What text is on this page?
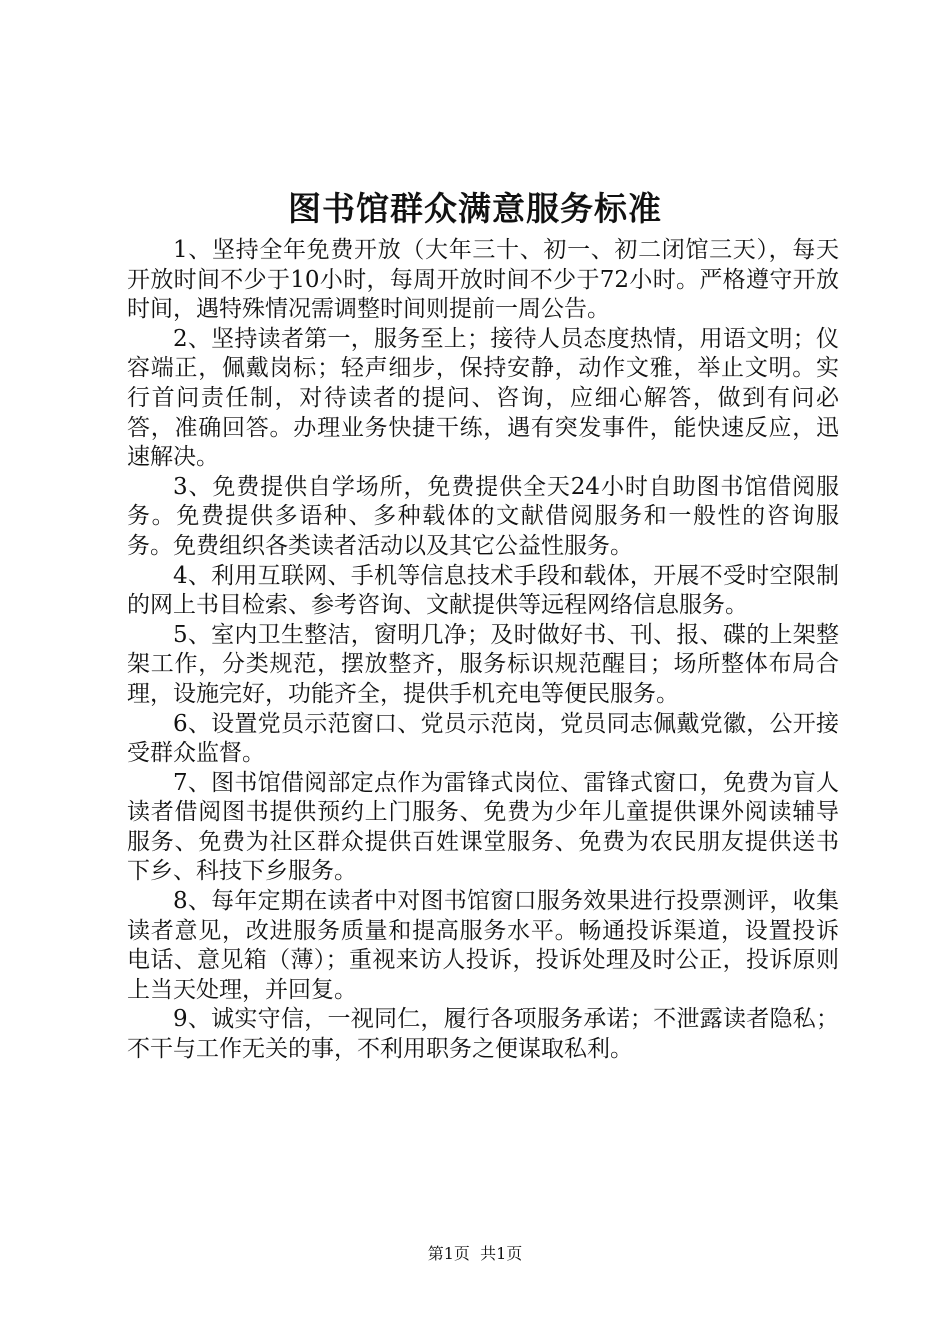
图书馆群众满意服务标准

1、坚持全年免费开放（大年三十、初一、初二闭馆三天），每天开放时间不少于10小时，每周开放时间不少于72小时。严格遵守开放时间，遇特殊情况需调整时间则提前一周公告。

2、坚持读者第一，服务至上；接待人员态度热情，用语文明；仪容端正，佩戴岗标；轻声细步，保持安静，动作文雅，举止文明。实行首问责任制，对待读者的提问、咨询，应细心解答，做到有问必答，准确回答。办理业务快捷干练，遇有突发事件，能快速反应，迅速解决。

3、免费提供自学场所，免费提供全天24小时自助图书馆借阅服务。免费提供多语种、多种载体的文献借阅服务和一般性的咨询服务。免费组织各类读者活动以及其它公益性服务。

4、利用互联网、手机等信息技术手段和载体，开展不受时空限制的网上书目检索、参考咨询、文献提供等远程网络信息服务。

5、室内卫生整洁，窗明几净；及时做好书、刊、报、碟的上架整架工作，分类规范，摆放整齐，服务标识规范醒目；场所整体布局合理，设施完好，功能齐全，提供手机充电等便民服务。

6、设置党员示范窗口、党员示范岗，党员同志佩戴党徽，公开接受群众监督。

7、图书馆借阅部定点作为雷锋式岗位、雷锋式窗口，免费为盲人读者借阅图书提供预约上门服务、免费为少年儿童提供课外阅读辅导服务、免费为社区群众提供百姓课堂服务、免费为农民朋友提供送书下乡、科技下乡服务。

8、每年定期在读者中对图书馆窗口服务效果进行投票测评，收集读者意见，改进服务质量和提高服务水平。畅通投诉渠道，设置投诉电话、意见箱（薄）；重视来访人投诉，投诉处理及时公正，投诉原则上当天处理，并回复。

9、诚实守信，一视同仁，履行各项服务承诺；不泄露读者隐私；不干与工作无关的事，不利用职务之便谋取私利。

第1页  共1页
